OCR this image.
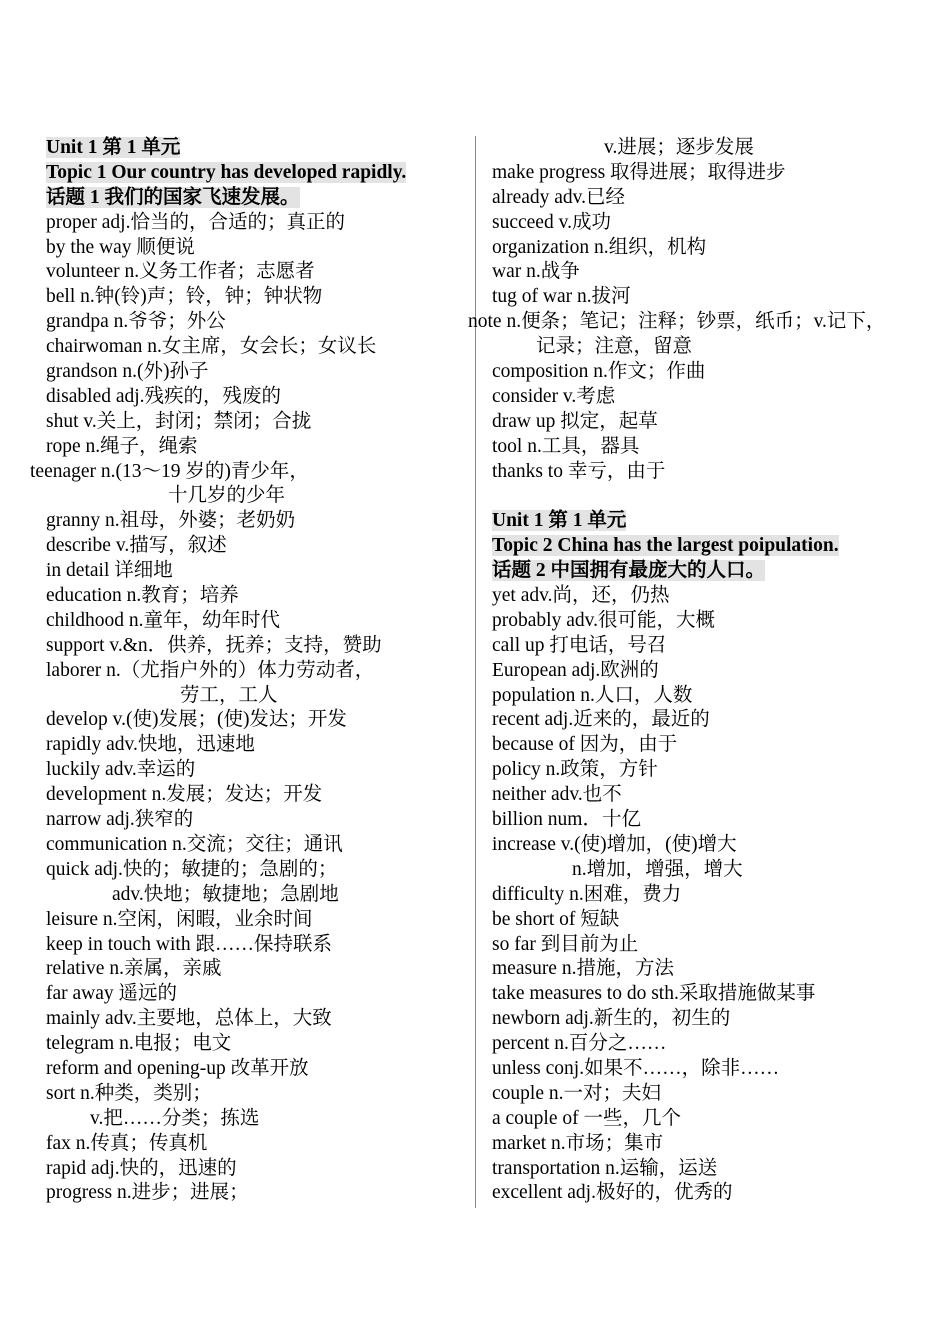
Unit 1 第 1 单元
Topic 1 Our country has developed rapidly.
话题 1 我们的国家飞速发展。
proper adj.恰当的，合适的；真正的
by the way 顺便说
volunteer n.义务工作者；志愿者
bell n.钟(铃)声；铃，钟；钟状物
grandpa n.爷爷；外公
chairwoman n.女主席，女会长；女议长
grandson n.(外)孙子
disabled adj.残疾的，残废的
shut v.关上，封闭；禁闭；合拢
rope n.绳子，绳索
teenager n.(13～19 岁的)青少年，
十几岁的少年
granny n.祖母，外婆；老奶奶
describe v.描写，叙述
in detail 详细地
education n.教育；培养
childhood n.童年，幼年时代
support v.&n．供养，抚养；支持，赞助
laborer n.（尤指户外的）体力劳动者，
劳工，工人
develop v.(使)发展；(使)发达；开发
rapidly adv.快地，迅速地
luckily adv.幸运的
development n.发展；发达；开发
narrow adj.狭窄的
communication n.交流；交往；通讯
quick adj.快的；敏捷的；急剧的；
adv.快地；敏捷地；急剧地
leisure n.空闲，闲暇，业余时间
keep in touch with 跟……保持联系
relative n.亲属，亲戚
far away 遥远的
mainly adv.主要地，总体上，大致
telegram n.电报；电文
reform and opening-up 改革开放
sort n.种类，类别；
v.把……分类；拣选
fax n.传真；传真机
rapid adj.快的，迅速的
progress n.进步；进展；
v.进展；逐步发展
make progress 取得进展；取得进步
already adv.已经
succeed v.成功
organization n.组织，机构
war n.战争
tug of war n.拔河
note n.便条；笔记；注释；钞票，纸币；v.记下，
记录；注意，留意
composition n.作文；作曲
consider v.考虑
draw up 拟定，起草
tool n.工具，器具
thanks to 幸亏，由于
Unit 1 第 1 单元
Topic 2 China has the largest poipulation.
话题 2 中国拥有最庞大的人口。
yet adv.尚，还，仍热
probably adv.很可能，大概
call up 打电话，号召
European adj.欧洲的
population n.人口，人数
recent adj.近来的，最近的
because of 因为，由于
policy n.政策，方针
neither adv.也不
billion num．十亿
increase v.(使)增加，(使)增大
n.增加，增强，增大
difficulty n.困难，费力
be short of 短缺
so far 到目前为止
measure n.措施，方法
take measures to do sth.采取措施做某事
newborn adj.新生的，初生的
percent n.百分之……
unless conj.如果不……，除非……
couple n.一对；夫妇
a couple of 一些，几个
market n.市场；集市
transportation n.运输，运送
excellent adj.极好的，优秀的
